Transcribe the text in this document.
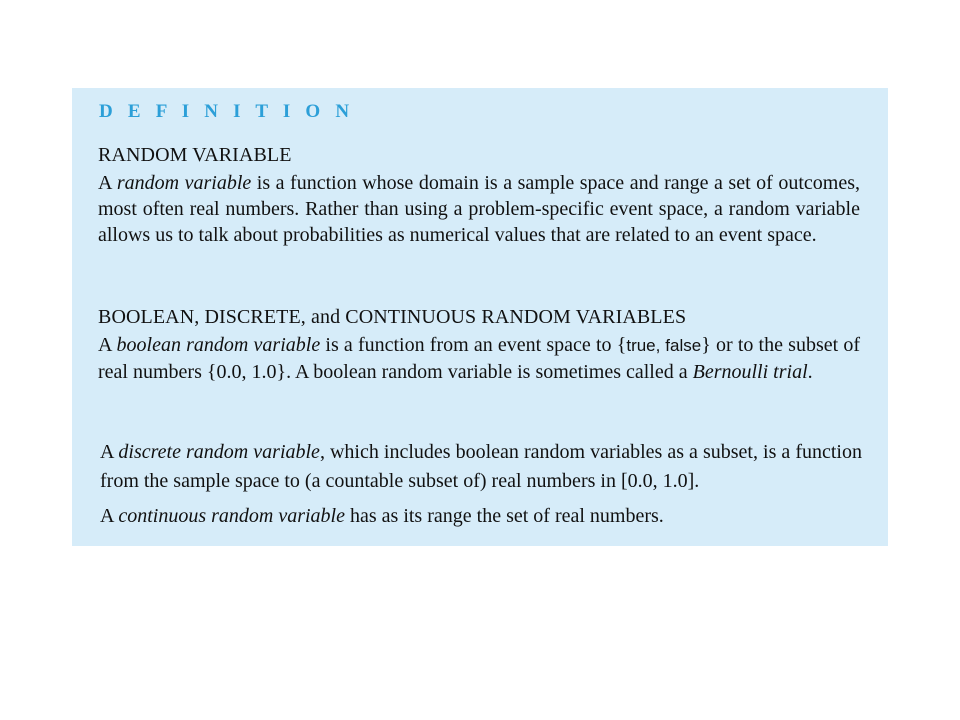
D E F I N I T I O N
RANDOM VARIABLE

A random variable is a function whose domain is a sample space and range a set of outcomes, most often real numbers. Rather than using a problem-specific event space, a random variable allows us to talk about probabilities as numerical values that are related to an event space.

BOOLEAN, DISCRETE, and CONTINUOUS RANDOM VARIABLES

A boolean random variable is a function from an event space to {true, false} or to the subset of real numbers {0.0, 1.0}. A boolean random variable is sometimes called a Bernoulli trial.

A discrete random variable, which includes boolean random variables as a subset, is a function from the sample space to (a countable subset of) real numbers in [0.0, 1.0].

A continuous random variable has as its range the set of real numbers.
